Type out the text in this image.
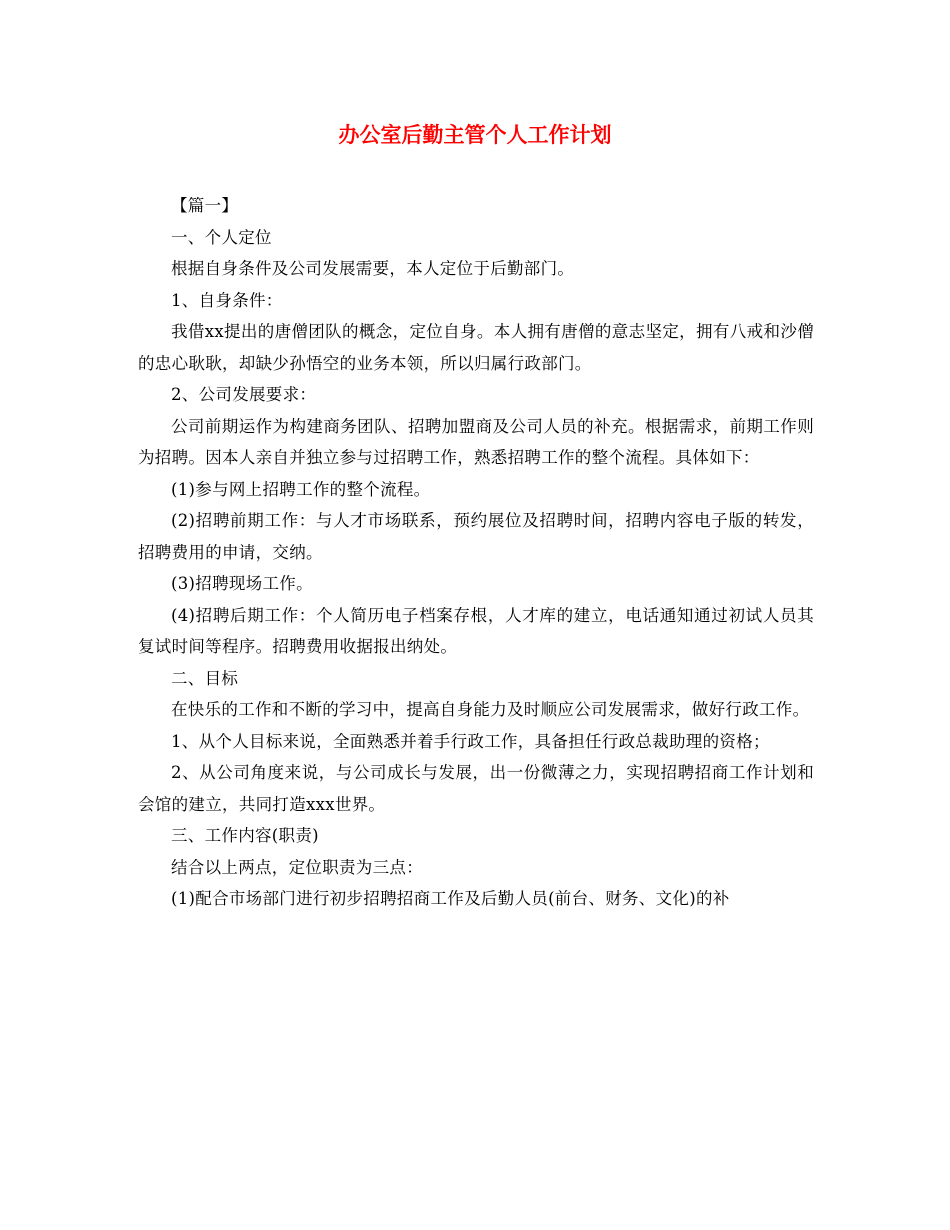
办公室后勤主管个人工作计划

【篇一】

一、个人定位

根据自身条件及公司发展需要，本人定位于后勤部门。

1、自身条件：

我借xx提出的唐僧团队的概念，定位自身。本人拥有唐僧的意志坚定，拥有八戒和沙僧的忠心耿耿，却缺少孙悟空的业务本领，所以归属行政部门。

2、公司发展要求：

公司前期运作为构建商务团队、招聘加盟商及公司人员的补充。根据需求，前期工作则为招聘。因本人亲自并独立参与过招聘工作，熟悉招聘工作的整个流程。具体如下：

(1)参与网上招聘工作的整个流程。

(2)招聘前期工作：与人才市场联系，预约展位及招聘时间，招聘内容电子版的转发，招聘费用的申请，交纳。

(3)招聘现场工作。

(4)招聘后期工作：个人简历电子档案存根，人才库的建立，电话通知通过初试人员其复试时间等程序。招聘费用收据报出纳处。

二、目标

在快乐的工作和不断的学习中，提高自身能力及时顺应公司发展需求，做好行政工作。

1、从个人目标来说，全面熟悉并着手行政工作，具备担任行政总裁助理的资格；

2、从公司角度来说，与公司成长与发展，出一份微薄之力，实现招聘招商工作计划和会馆的建立，共同打造xxx世界。

三、工作内容(职责)

结合以上两点，定位职责为三点：

(1)配合市场部门进行初步招聘招商工作及后勤人员(前台、财务、文化)的补
